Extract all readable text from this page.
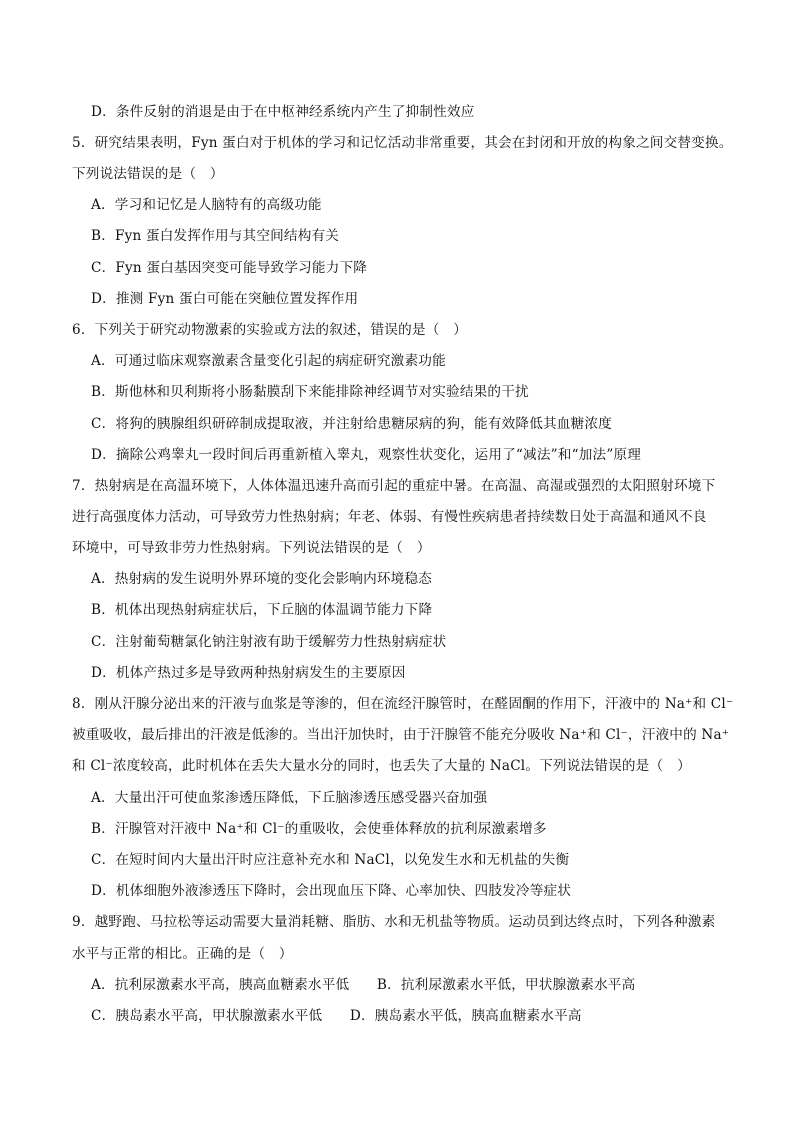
D．条件反射的消退是由于在中枢神经系统内产生了抑制性效应
5．研究结果表明，Fyn 蛋白对于机体的学习和记忆活动非常重要，其会在封闭和开放的构象之间交替变换。
下列说法错误的是（　）
A．学习和记忆是人脑特有的高级功能
B．Fyn 蛋白发挥作用与其空间结构有关
C．Fyn 蛋白基因突变可能导致学习能力下降
D．推测 Fyn 蛋白可能在突触位置发挥作用
6．下列关于研究动物激素的实验或方法的叙述，错误的是（　）
A．可通过临床观察激素含量变化引起的病症研究激素功能
B．斯他林和贝利斯将小肠黏膜刮下来能排除神经调节对实验结果的干扰
C．将狗的胰腺组织研碎制成提取液，并注射给患糖尿病的狗，能有效降低其血糖浓度
D．摘除公鸡睾丸一段时间后再重新植入睾丸，观察性状变化，运用了“减法”和“加法”原理
7．热射病是在高温环境下，人体体温迅速升高而引起的重症中暑。在高温、高湿或强烈的太阳照射环境下
进行高强度体力活动，可导致劳力性热射病；年老、体弱、有慢性疾病患者持续数日处于高温和通风不良
环境中，可导致非劳力性热射病。下列说法错误的是（　）
A．热射病的发生说明外界环境的变化会影响内环境稳态
B．机体出现热射病症状后，下丘脑的体温调节能力下降
C．注射葡萄糖氯化钠注射液有助于缓解劳力性热射病症状
D．机体产热过多是导致两种热射病发生的主要原因
8．刚从汗腺分泌出来的汗液与血浆是等渗的，但在流经汗腺管时，在醛固酮的作用下，汗液中的 Na⁺和 Cl⁻
被重吸收，最后排出的汗液是低渗的。当出汗加快时，由于汗腺管不能充分吸收 Na⁺和 Cl⁻，汗液中的 Na⁺
和 Cl⁻浓度较高，此时机体在丢失大量水分的同时，也丢失了大量的 NaCl。下列说法错误的是（　）
A．大量出汗可使血浆渗透压降低，下丘脑渗透压感受器兴奋加强
B．汗腺管对汗液中 Na⁺和 Cl⁻的重吸收，会使垂体释放的抗利尿激素增多
C．在短时间内大量出汗时应注意补充水和 NaCl，以免发生水和无机盐的失衡
D．机体细胞外液渗透压下降时，会出现血压下降、心率加快、四肢发冷等症状
9．越野跑、马拉松等运动需要大量消耗糖、脂肪、水和无机盐等物质。运动员到达终点时，下列各种激素
水平与正常的相比。正确的是（　）
A．抗利尿激素水平高，胰高血糖素水平低　　B．抗利尿激素水平低，甲状腺激素水平高
C．胰岛素水平高，甲状腺激素水平低　　D．胰岛素水平低，胰高血糖素水平高
